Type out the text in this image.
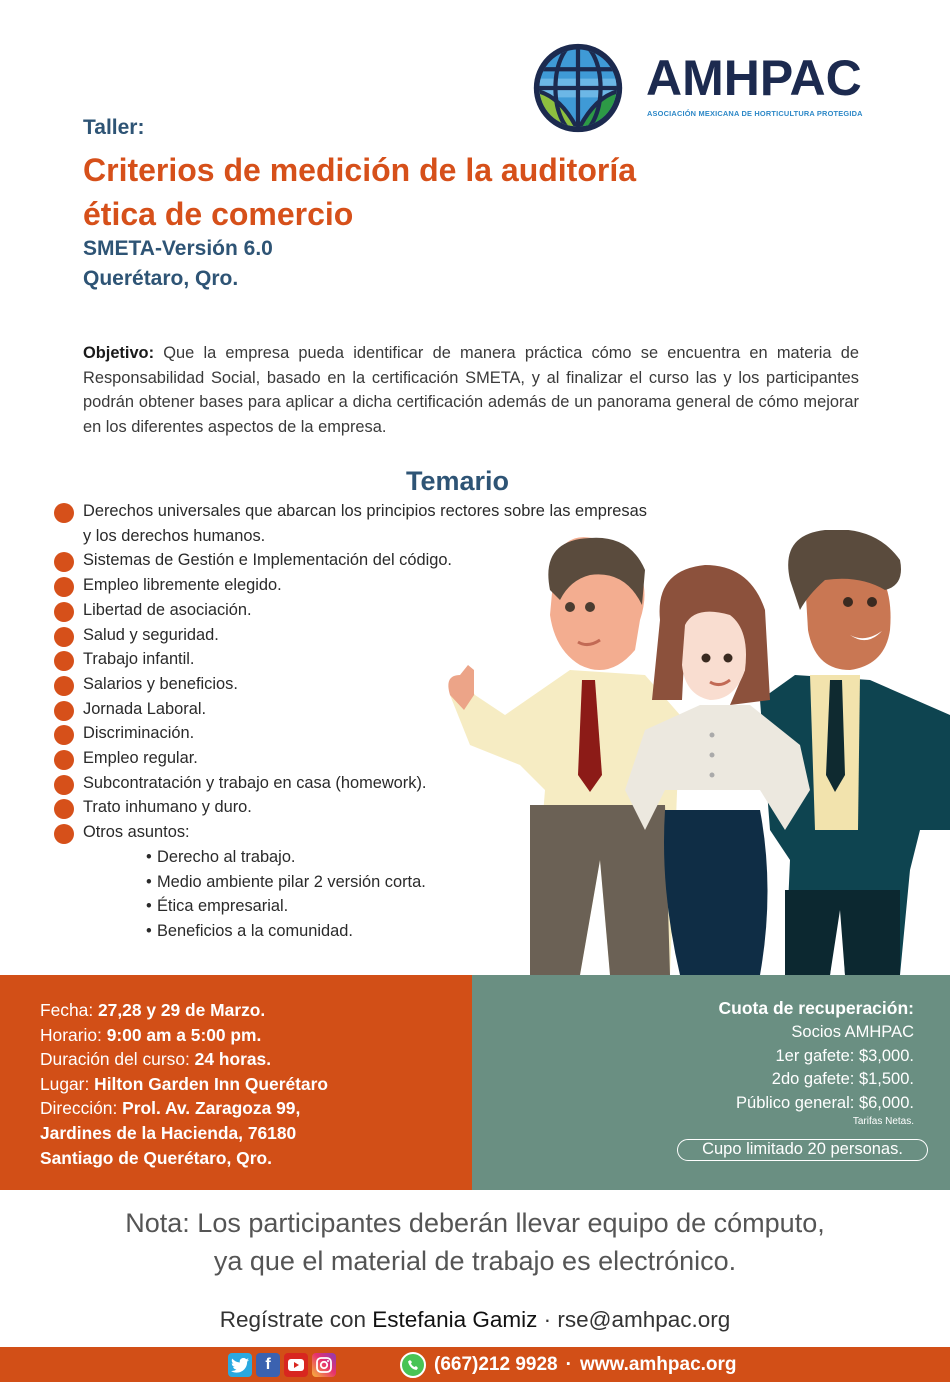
AMHPAC
ASOCIACIÓN MEXICANA DE HORTICULTURA PROTEGIDA
Taller:
Criterios de medición de la auditoría
ética de comercio
SMETA-Versión 6.0
Querétaro, Qro.

Objetivo: Que la empresa pueda identificar de manera práctica cómo se encuentra en materia de Responsabilidad Social, basado en la certificación SMETA, y al finalizar el curso las y los participantes podrán obtener bases para aplicar a dicha certificación además de un panorama general de cómo mejorar en los diferentes aspectos de la empresa.

Temario
Derechos universales que abarcan los principios rectores sobre las empresas
y los derechos humanos.
Sistemas de Gestión e Implementación del código.
Empleo libremente elegido.
Libertad de asociación.
Salud y seguridad.
Trabajo infantil.
Salarios y beneficios.
Jornada Laboral.
Discriminación.
Empleo regular.
Subcontratación y trabajo en casa (homework).
Trato inhumano y duro.
Otros asuntos:
• Derecho al trabajo.
• Medio ambiente pilar 2 versión corta.
• Ética empresarial.
• Beneficios a la comunidad.
Fecha: 27,28 y 29 de Marzo.
Horario: 9:00 am a 5:00 pm.
Duración del curso: 24 horas.
Lugar: Hilton Garden Inn Querétaro
Dirección: Prol. Av. Zaragoza 99,
Jardines de la Hacienda, 76180
Santiago de Querétaro, Qro.
Cuota de recuperación:
Socios AMHPAC
1er gafete: $3,000.
2do gafete: $1,500.
Público general: $6,000.
Tarifas Netas.
Cupo limitado 20 personas.
Nota: Los participantes deberán llevar equipo de cómputo,
ya que el material de trabajo es electrónico.
Regístrate con Estefania Gamiz · rse@amhpac.org
f	(667)212 9928 · www.amhpac.org
